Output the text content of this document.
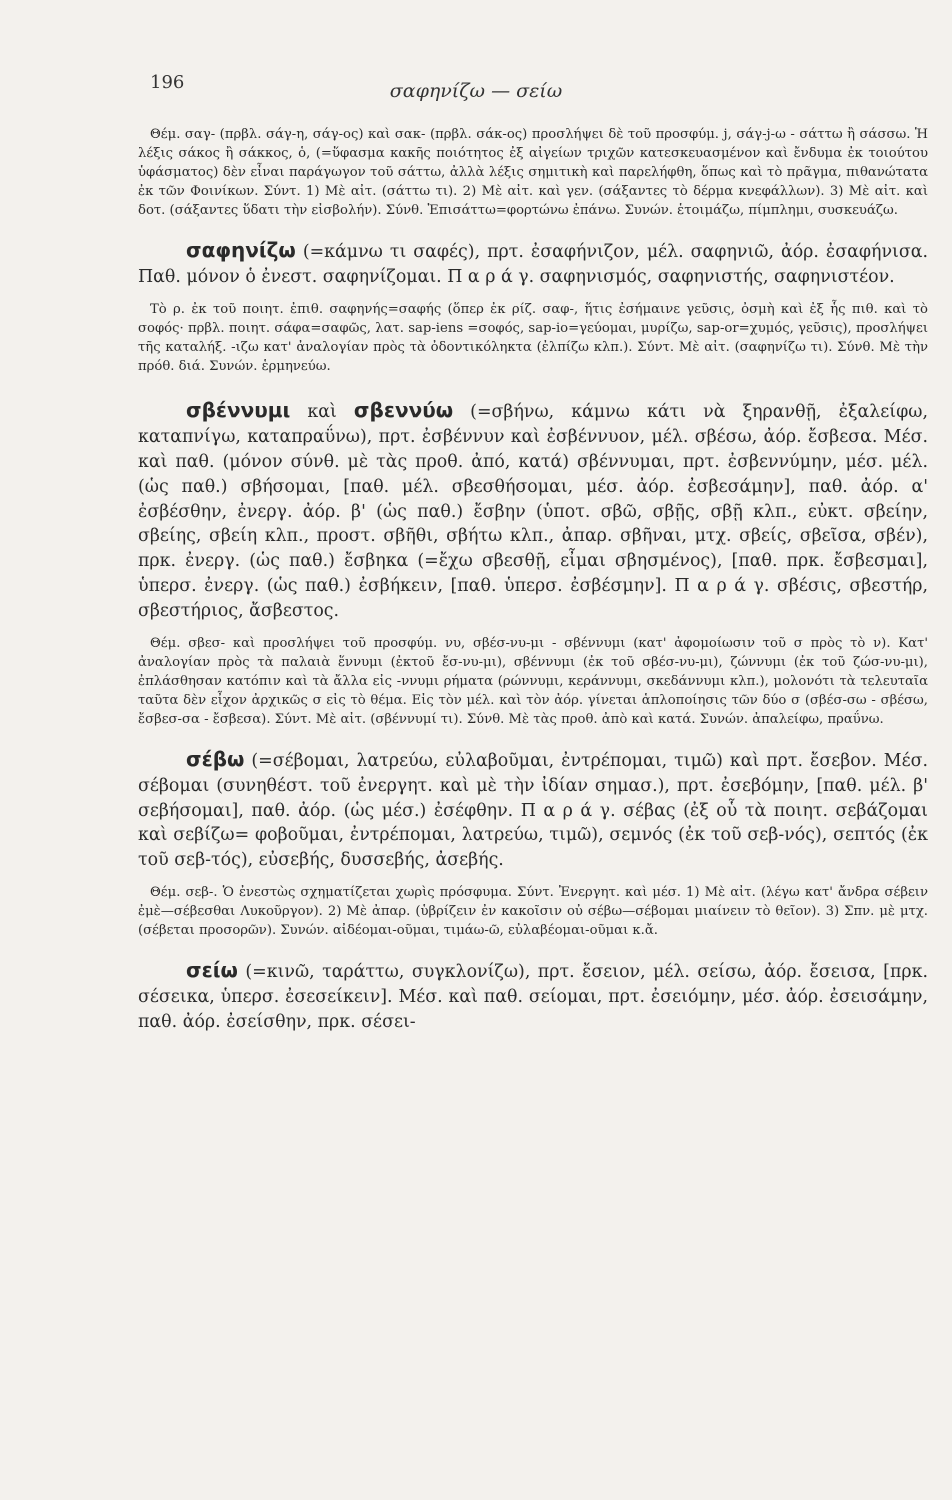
196	σαφηνίζω — σείω

Θέμ. σαγ- (πρβλ. σάγ-η, σάγ-ος) καὶ σακ- (πρβλ. σάκ-ος) προσλήψει δὲ τοῦ προσφύμ. j, σάγ-j-ω - σάττω ἢ σάσσω. Ἡ λέξις σάκος ἢ σάκκος, ὁ, (=ὕφασμα κακῆς ποιότητος ἐξ αἰγείων τριχῶν κατεσκευασμένον καὶ ἔνδυμα ἐκ τοιούτου ὑφάσματος) δὲν εἶναι παράγωγον τοῦ σάττω, ἀλλὰ λέξις σημιτικὴ καὶ παρελήφθη, ὅπως καὶ τὸ πρᾶγμα, πιθανώτατα ἐκ τῶν Φοινίκων. Σύντ. 1) Μὲ αἰτ. (σάττω τι). 2) Μὲ αἰτ. καὶ γεν. (σάξαντες τὸ δέρμα κνεφάλλων). 3) Μὲ αἰτ. καὶ δοτ. (σάξαντες ὕδατι τὴν εἰσβολήν). Σύνθ. Ἐπισάττω=φορτώνω ἐπάνω. Συνών. ἑτοιμάζω, πίμπλημι, συσκευάζω.

σαφηνίζω (=κάμνω τι σαφές), πρτ. ἐσαφήνιζον, μέλ. σαφηνιῶ, ἀόρ. ἐσαφήνισα. Παθ. μόνον ὁ ἐνεστ. σαφηνίζομαι. Π α ρ ά γ. σαφηνισμός, σαφηνιστής, σαφηνιστέον.

Τὸ ρ. ἐκ τοῦ ποιητ. ἐπιθ. σαφηνής=σαφής (ὅπερ ἐκ ρίζ. σαφ-, ἥτις ἐσήμαινε γεῦσις, ὀσμὴ καὶ ἐξ ἧς πιθ. καὶ τὸ σοφός· πρβλ. ποιητ. σάφα=σαφῶς, λατ. sap-iens =σοφός, sap-io=γεύομαι, μυρίζω, sap-or=χυμός, γεῦσις), προσλήψει τῆς καταλήξ. -ιζω κατ' ἀναλογίαν πρὸς τὰ ὀδοντικόληκτα (ἐλπίζω κλπ.). Σύντ. Μὲ αἰτ. (σαφηνίζω τι). Σύνθ. Μὲ τὴν πρόθ. διά. Συνών. ἑρμηνεύω.

σβέννυμι καὶ σβεννύω (=σβήνω, κάμνω κάτι νὰ ξηρανθῇ, ἐξαλείφω, καταπνίγω, καταπραΰνω), πρτ. ἐσβέννυν καὶ ἐσβέννυον, μέλ. σβέσω, ἀόρ. ἔσβεσα. Μέσ. καὶ παθ. (μόνον σύνθ. μὲ τὰς προθ. ἀπό, κατά) σβέννυμαι, πρτ. ἐσβεννύμην, μέσ. μέλ. (ὡς παθ.) σβήσομαι, [παθ. μέλ. σβεσθήσομαι, μέσ. ἀόρ. ἐσβεσάμην], παθ. ἀόρ. α' ἐσβέσθην, ἐνεργ. ἀόρ. β' (ὡς παθ.) ἔσβην (ὑποτ. σβῶ, σβῇς, σβῇ κλπ., εὐκτ. σβείην, σβείης, σβείη κλπ., προστ. σβῆθι, σβήτω κλπ., ἀπαρ. σβῆναι, μτχ. σβείς, σβεῖσα, σβέν), πρκ. ἐνεργ. (ὡς παθ.) ἔσβηκα (=ἔχω σβεσθῇ, εἶμαι σβησμένος), [παθ. πρκ. ἔσβεσμαι], ὑπερσ. ἐνεργ. (ὡς παθ.) ἐσβήκειν, [παθ. ὑπερσ. ἐσβέσμην]. Π α ρ ά γ. σβέσις, σβεστήρ, σβεστήριος, ἄσβεστος.

Θέμ. σβεσ- καὶ προσλήψει τοῦ προσφύμ. νυ, σβέσ-νυ-μι - σβέννυμι (κατ' ἀφομοίωσιν τοῦ σ πρὸς τὸ ν). Κατ' ἀναλογίαν πρὸς τὰ παλαιὰ ἕννυμι (ἐκτοῦ ἔσ-νυ-μι), σβέννυμι (ἐκ τοῦ σβέσ-νυ-μι), ζώννυμι (ἐκ τοῦ ζώσ-νυ-μι), ἐπλάσθησαν κατόπιν καὶ τὰ ἄλλα εἰς -ννυμι ρήματα (ρώννυμι, κεράννυμι, σκεδάννυμι κλπ.), μολονότι τὰ τελευταῖα ταῦτα δὲν εἶχον ἀρχικῶς σ εἰς τὸ θέμα. Εἰς τὸν μέλ. καὶ τὸν ἀόρ. γίνεται ἁπλοποίησις τῶν δύο σ (σβέσ-σω - σβέσω, ἔσβεσ-σα - ἔσβεσα). Σύντ. Μὲ αἰτ. (σβέννυμί τι). Σύνθ. Μὲ τὰς προθ. ἀπὸ καὶ κατά. Συνών. ἀπαλείφω, πραΰνω.

σέβω (=σέβομαι, λατρεύω, εὐλαβοῦμαι, ἐντρέπομαι, τιμῶ) καὶ πρτ. ἔσεβον. Μέσ. σέβομαι (συνηθέστ. τοῦ ἐνεργητ. καὶ μὲ τὴν ἰδίαν σημασ.), πρτ. ἐσεβόμην, [παθ. μέλ. β' σεβήσομαι], παθ. ἀόρ. (ὡς μέσ.) ἐσέφθην. Π α ρ ά γ. σέβας (ἐξ οὗ τὰ ποιητ. σεβάζομαι καὶ σεβίζω= φοβοῦμαι, ἐντρέπομαι, λατρεύω, τιμῶ), σεμνός (ἐκ τοῦ σεβ-νός), σεπτός (ἐκ τοῦ σεβ-τός), εὐσεβής, δυσσεβής, ἀσεβής.

Θέμ. σεβ-. Ὁ ἐνεστὼς σχηματίζεται χωρὶς πρόσφυμα. Σύντ. Ἐνεργητ. καὶ μέσ. 1) Μὲ αἰτ. (λέγω κατ' ἄνδρα σέβειν ἐμὲ—σέβεσθαι Λυκοῦργον). 2) Μὲ ἀπαρ. (ὑβρίζειν ἐν κακοῖσιν οὐ σέβω—σέβομαι μιαίνειν τὸ θεῖον). 3) Σπν. μὲ μτχ. (σέβεται προσορῶν). Συνών. αἰδέομαι-οῦμαι, τιμάω-ῶ, εὐλαβέομαι-οῦμαι κ.ἄ.

σείω (=κινῶ, ταράττω, συγκλονίζω), πρτ. ἔσειον, μέλ. σείσω, ἀόρ. ἔσεισα, [πρκ. σέσεικα, ὑπερσ. ἐσεσείκειν]. Μέσ. καὶ παθ. σείομαι, πρτ. ἐσειόμην, μέσ. ἀόρ. ἐσεισάμην, παθ. ἀόρ. ἐσείσθην, πρκ. σέσει-
